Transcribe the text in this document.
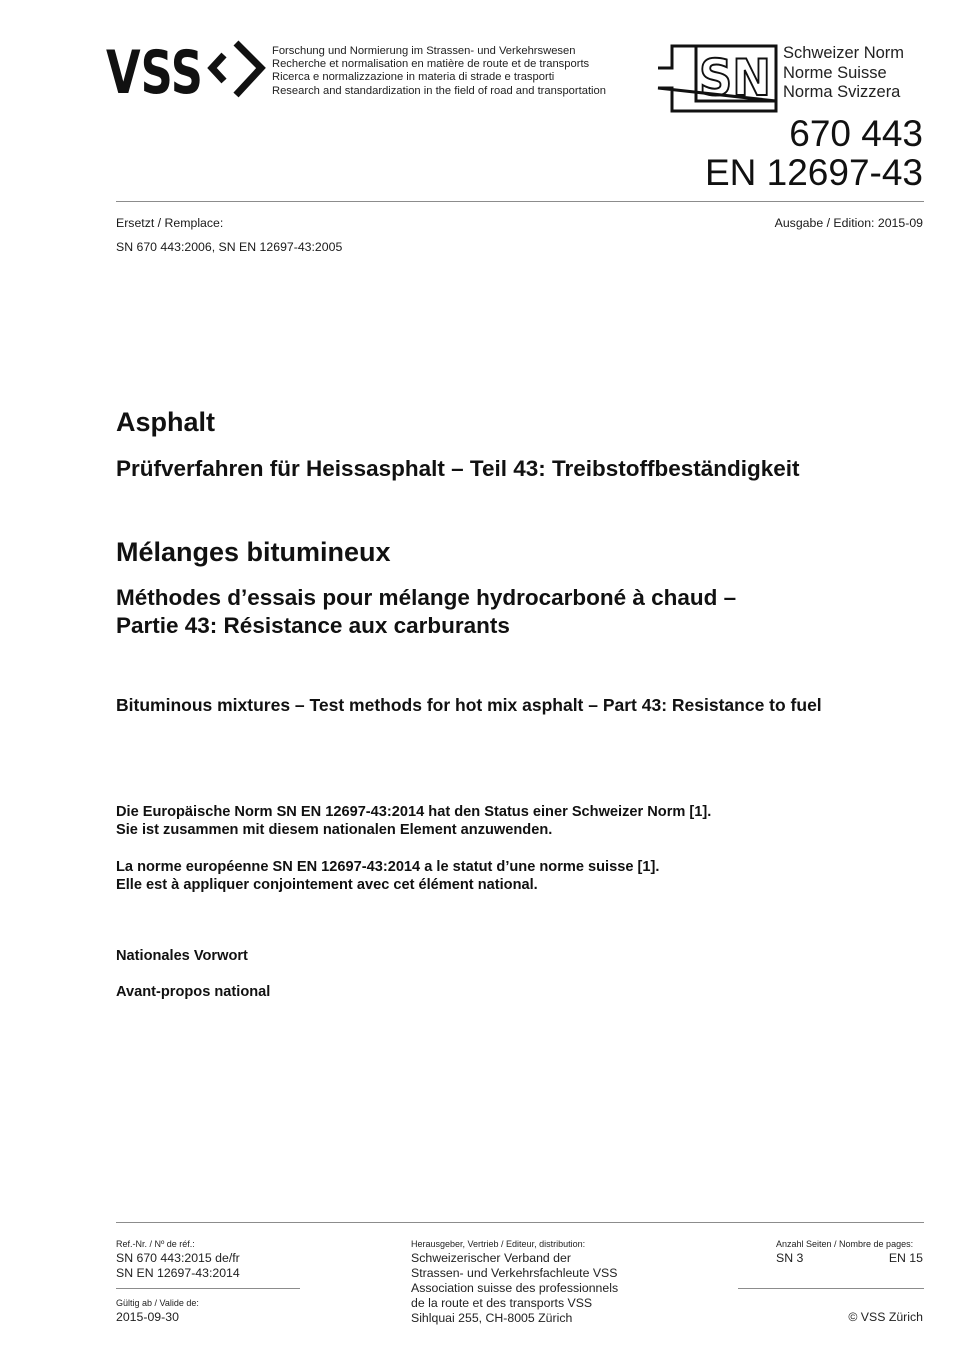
VSS	Forschung und Normierung im Strassen- und Verkehrswesen
Recherche et normalisation en matière de route et de transports
Ricerca e normalizzazione in materia di strade e trasporti
Research and standardization in the field of road and transportation SN Schweizer Norm
Norme Suisse
Norma Svizzera
670 443
EN 12697-43
Ersetzt / Remplace:
SN 670 443:2006, SN EN 12697-43:2005
Ausgabe / Edition: 2015-09
Asphalt
Prüfverfahren für Heissasphalt – Teil 43: Treibstoffbeständigkeit
Mélanges bitumineux
Méthodes d’essais pour mélange hydrocarboné à chaud –
Partie 43: Résistance aux carburants
Bituminous mixtures – Test methods for hot mix asphalt – Part 43: Resistance to fuel
Die Europäische Norm SN EN 12697-43:2014 hat den Status einer Schweizer Norm [1].
Sie ist zusammen mit diesem nationalen Element anzuwenden.
La norme européenne SN EN 12697-43:2014 a le statut d’une norme suisse [1].
Elle est à appliquer conjointement avec cet élément national.
Nationales Vorwort
Avant-propos national
Ref.-Nr. / Nº de réf.:
SN 670 443:2015 de/fr
SN EN 12697-43:2014
Gültig ab / Valide de:
2015-09-30
Herausgeber, Vertrieb / Editeur, distribution:
Schweizerischer Verband der
Strassen- und Verkehrsfachleute VSS
Association suisse des professionnels
de la route et des transports VSS
Sihlquai 255, CH-8005 Zürich
Anzahl Seiten / Nombre de pages:
SN 3	EN 15
© VSS Zürich
